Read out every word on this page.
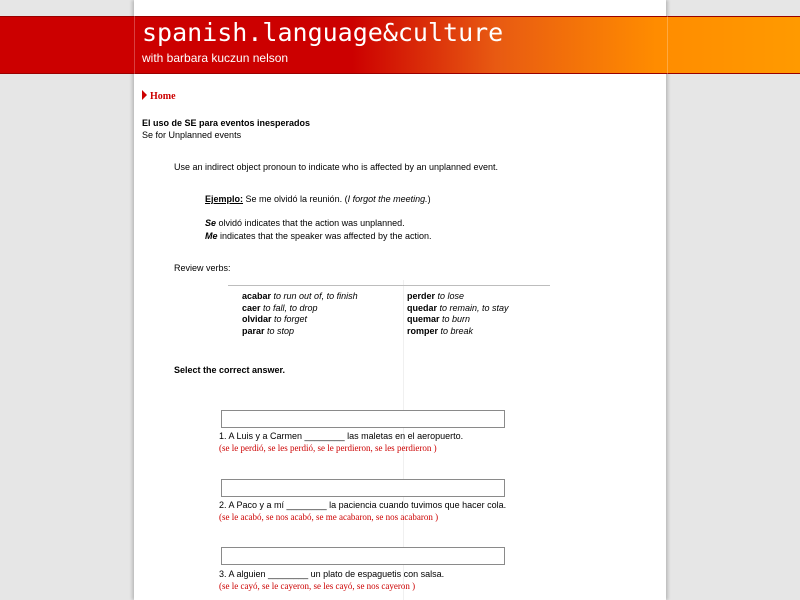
spanish.language&culture
with barbara kuczun nelson
Home
El uso de SE para eventos inesperados
Se for Unplanned events
Use an indirect object pronoun to indicate who is affected by an unplanned event.
Ejemplo: Se me olvidó la reunión. (I forgot the meeting.)
Se olvidó indicates that the action was unplanned.
Me indicates that the speaker was affected by the action.
Review verbs:
acabar to run out of, to finish
caer to fall, to drop
olvidar to forget
parar to stop
perder to lose
quedar to remain, to stay
quemar to burn
romper to break
Select the correct answer.
1. A Luis y a Carmen ________ las maletas en el aeropuerto.
(se le perdió, se les perdió, se le perdieron, se les perdieron )
2. A Paco y a mí ________ la paciencia cuando tuvimos que hacer cola.
(se le acabó, se nos acabó, se me acabaron, se nos acabaron )
3. A alguien ________ un plato de espaguetis con salsa.
(se le cayó, se le cayeron, se les cayó, se nos cayeron )
